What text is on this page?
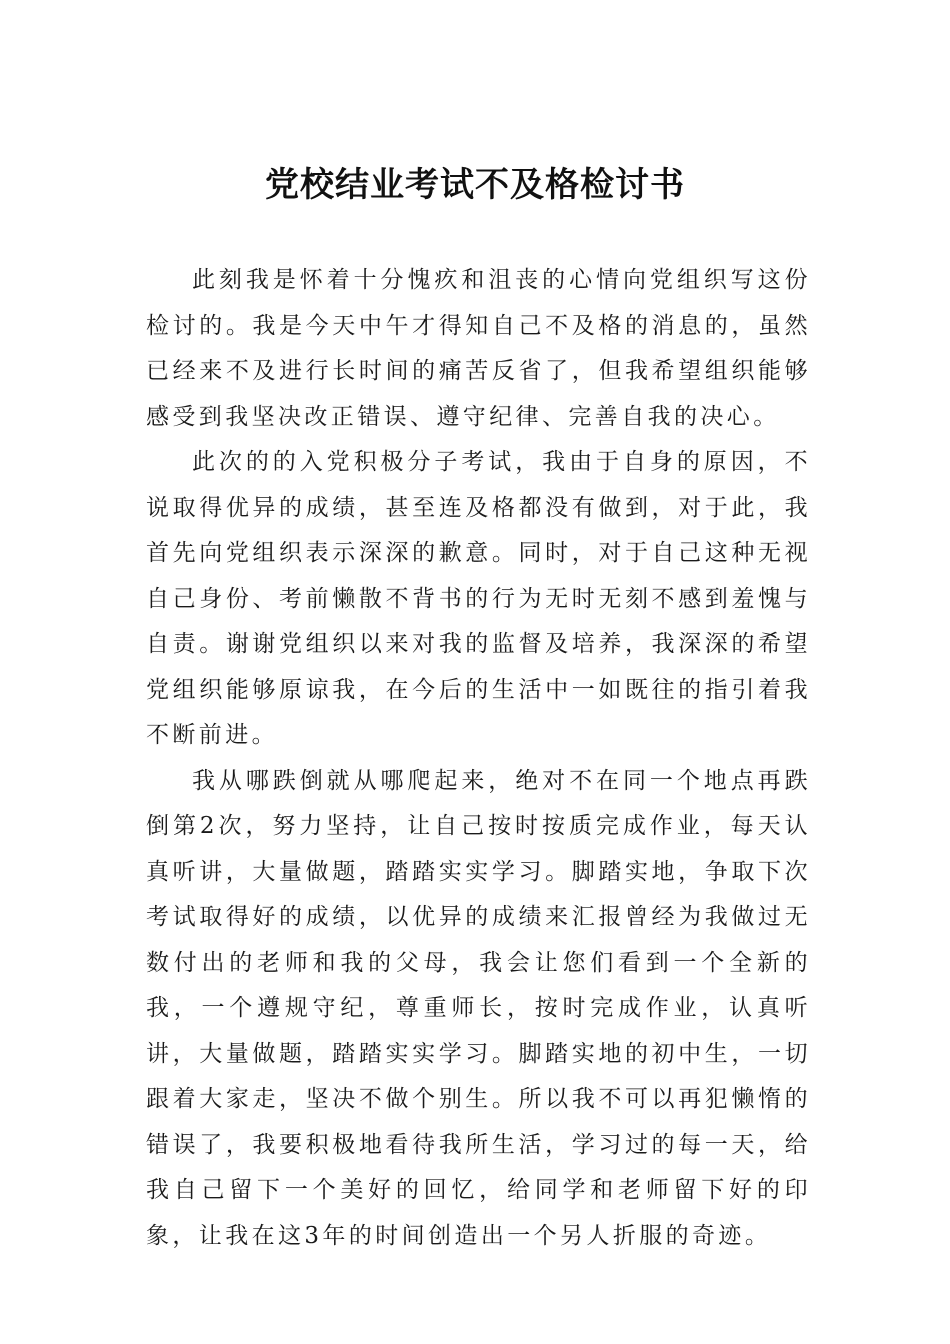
党校结业考试不及格检讨书

此刻我是怀着十分愧疚和沮丧的心情向党组织写这份检讨的。我是今天中午才得知自己不及格的消息的，虽然已经来不及进行长时间的痛苦反省了，但我希望组织能够感受到我坚决改正错误、遵守纪律、完善自我的决心。

此次的的入党积极分子考试，我由于自身的原因，不说取得优异的成绩，甚至连及格都没有做到，对于此，我首先向党组织表示深深的歉意。同时，对于自己这种无视自己身份、考前懒散不背书的行为无时无刻不感到羞愧与自责。谢谢党组织以来对我的监督及培养，我深深的希望党组织能够原谅我，在今后的生活中一如既往的指引着我不断前进。

我从哪跌倒就从哪爬起来，绝对不在同一个地点再跌倒第2次，努力坚持，让自己按时按质完成作业，每天认真听讲，大量做题，踏踏实实学习。脚踏实地，争取下次考试取得好的成绩，以优异的成绩来汇报曾经为我做过无数付出的老师和我的父母，我会让您们看到一个全新的我，一个遵规守纪，尊重师长，按时完成作业，认真听讲，大量做题，踏踏实实学习。脚踏实地的初中生，一切跟着大家走，坚决不做个别生。所以我不可以再犯懒惰的错误了，我要积极地看待我所生活，学习过的每一天，给我自己留下一个美好的回忆，给同学和老师留下好的印象，让我在这3年的时间创造出一个另人折服的奇迹。
